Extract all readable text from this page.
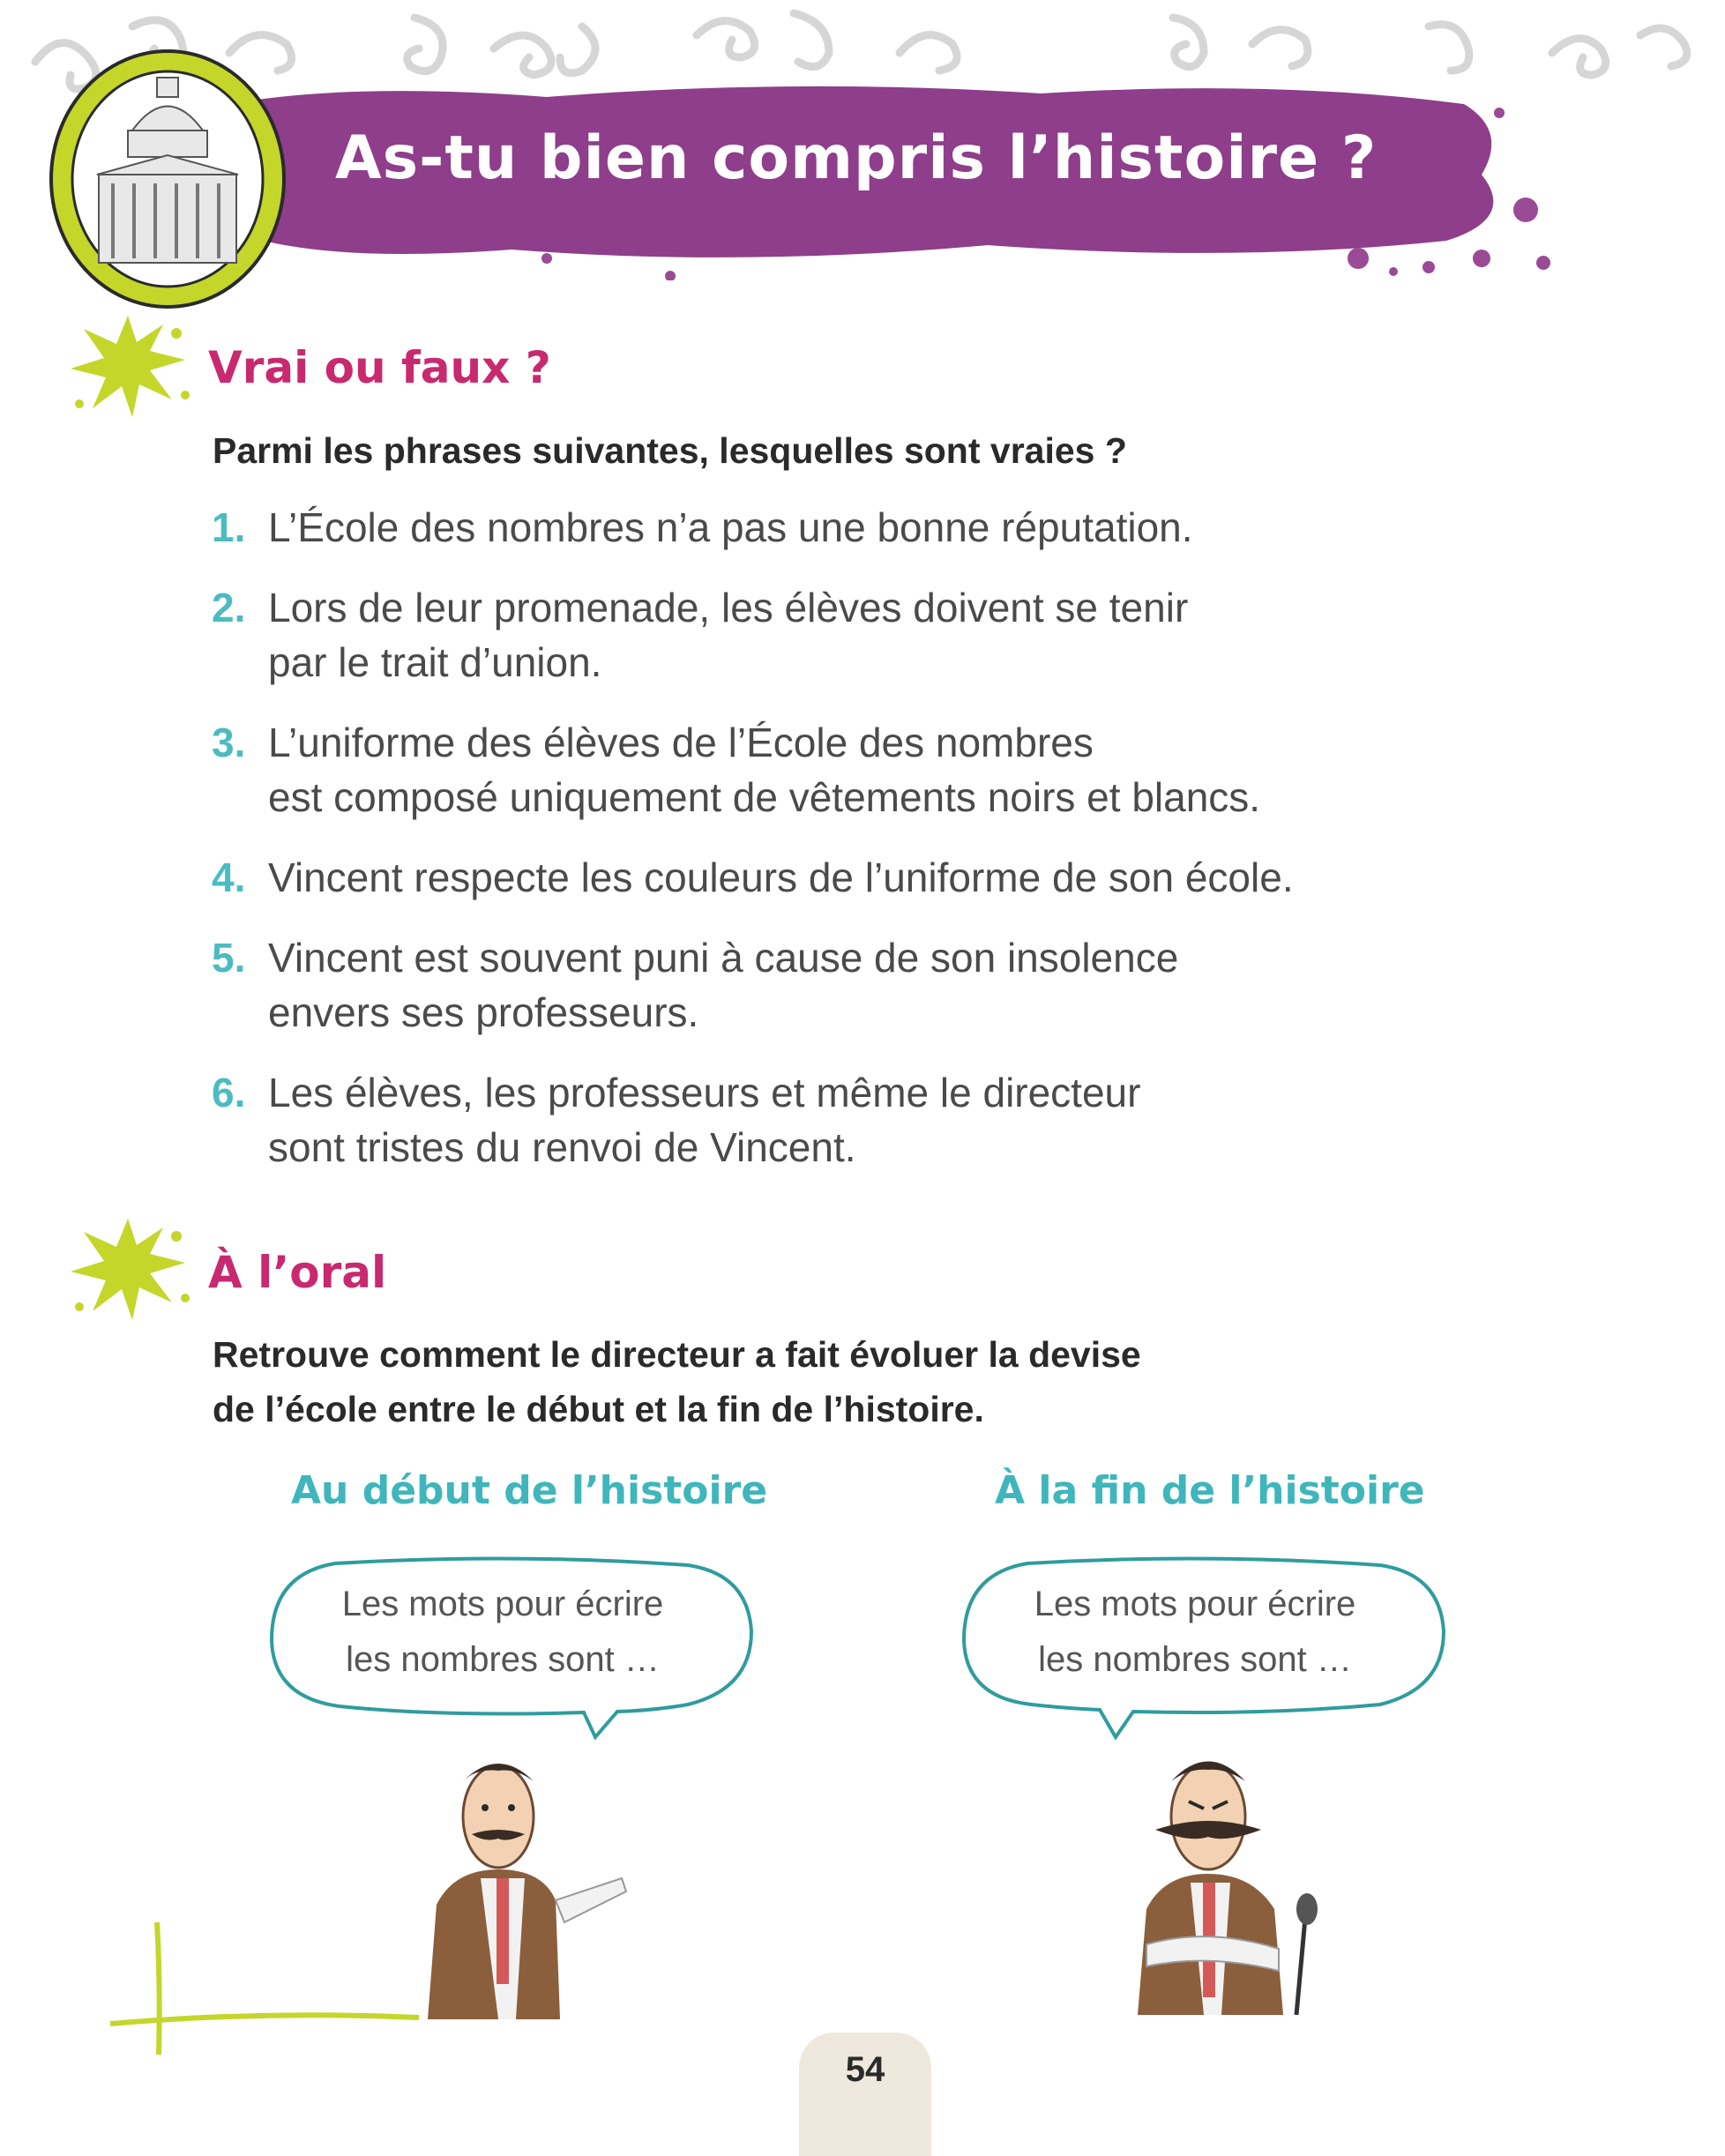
As-tu bien compris l’histoire ?
Vrai ou faux ?

Parmi les phrases suivantes, lesquelles sont vraies ?

1. L’École des nombres n’a pas une bonne réputation.
2. Lors de leur promenade, les élèves doivent se tenir
par le trait d’union.
3. L’uniforme des élèves de l’École des nombres
est composé uniquement de vêtements noirs et blancs.
4. Vincent respecte les couleurs de l’uniforme de son école.
5. Vincent est souvent puni à cause de son insolence
envers ses professeurs.
6. Les élèves, les professeurs et même le directeur
sont tristes du renvoi de Vincent.
À l’oral
Retrouve comment le directeur a fait évoluer la devise
de l’école entre le début et la fin de l’histoire.
Au début de l’histoire	À la fin de l’histoire
Les mots pour écrire
les nombres sont …
Les mots pour écrire
les nombres sont …
54
